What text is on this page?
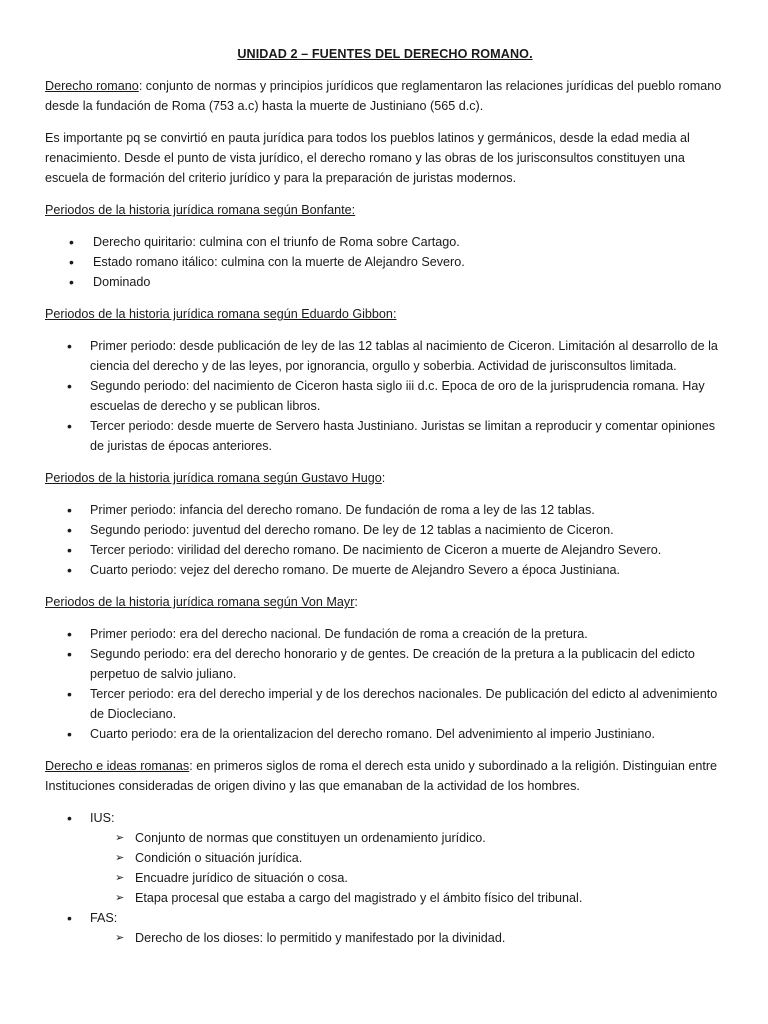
UNIDAD 2 – FUENTES DEL DERECHO ROMANO.

Derecho romano: conjunto de normas y principios jurídicos que reglamentaron las relaciones jurídicas del pueblo romano desde la fundación de Roma (753 a.c) hasta la muerte de Justiniano (565 d.c).

Es importante pq se convirtió en pauta jurídica para todos los pueblos latinos y germánicos, desde la edad media al renacimiento. Desde el punto de vista jurídico, el derecho romano y las obras de los jurisconsultos constituyen una escuela de formación del criterio jurídico y para la preparación de juristas modernos.

Periodos de la historia jurídica romana según Bonfante:
• Derecho quiritario: culmina con el triunfo de Roma sobre Cartago.
• Estado romano itálico: culmina con la muerte de Alejandro Severo.
• Dominado
Periodos de la historia jurídica romana según Eduardo Gibbon:
• Primer periodo: desde publicación de ley de las 12 tablas al nacimiento de Ciceron. Limitación al desarrollo de la ciencia del derecho y de las leyes, por ignorancia, orgullo y soberbia. Actividad de jurisconsultos limitada.
• Segundo periodo: del nacimiento de Ciceron hasta siglo iii d.c. Epoca de oro de la jurisprudencia romana. Hay escuelas de derecho y se publican libros.
• Tercer periodo: desde muerte de Servero hasta Justiniano. Juristas se limitan a reproducir y comentar opiniones de juristas de épocas anteriores.
Periodos de la historia jurídica romana según Gustavo Hugo:
• Primer periodo: infancia del derecho romano. De fundación de roma a ley de las 12 tablas.
• Segundo periodo: juventud del derecho romano. De ley de 12 tablas a nacimiento de Ciceron.
• Tercer periodo: virilidad del derecho romano. De nacimiento de Ciceron a muerte de Alejandro Severo.
• Cuarto periodo: vejez del derecho romano. De muerte de Alejandro Severo a época Justiniana.
Periodos de la historia jurídica romana según Von Mayr:
• Primer periodo: era del derecho nacional. De fundación de roma a creación de la pretura.
• Segundo periodo: era del derecho honorario y de gentes. De creación de la pretura a la publicacin del edicto perpetuo de salvio juliano.
• Tercer periodo: era del derecho imperial y de los derechos nacionales. De publicación del edicto al advenimiento de Diocleciano.
• Cuarto periodo: era de la orientalizacion del derecho romano. Del advenimiento al imperio Justiniano.

Derecho e ideas romanas: en primeros siglos de roma el derech esta unido y subordinado a la religión. Distinguian entre Instituciones consideradas de origen divino y las que emanaban de la actividad de los hombres.

• IUS:
➢ Conjunto de normas que constituyen un ordenamiento jurídico.
➢ Condición o situación jurídica.
➢ Encuadre jurídico de situación o cosa.
➢ Etapa procesal que estaba a cargo del magistrado y el ámbito físico del tribunal.
• FAS:
➢ Derecho de los dioses: lo permitido y manifestado por la divinidad.
